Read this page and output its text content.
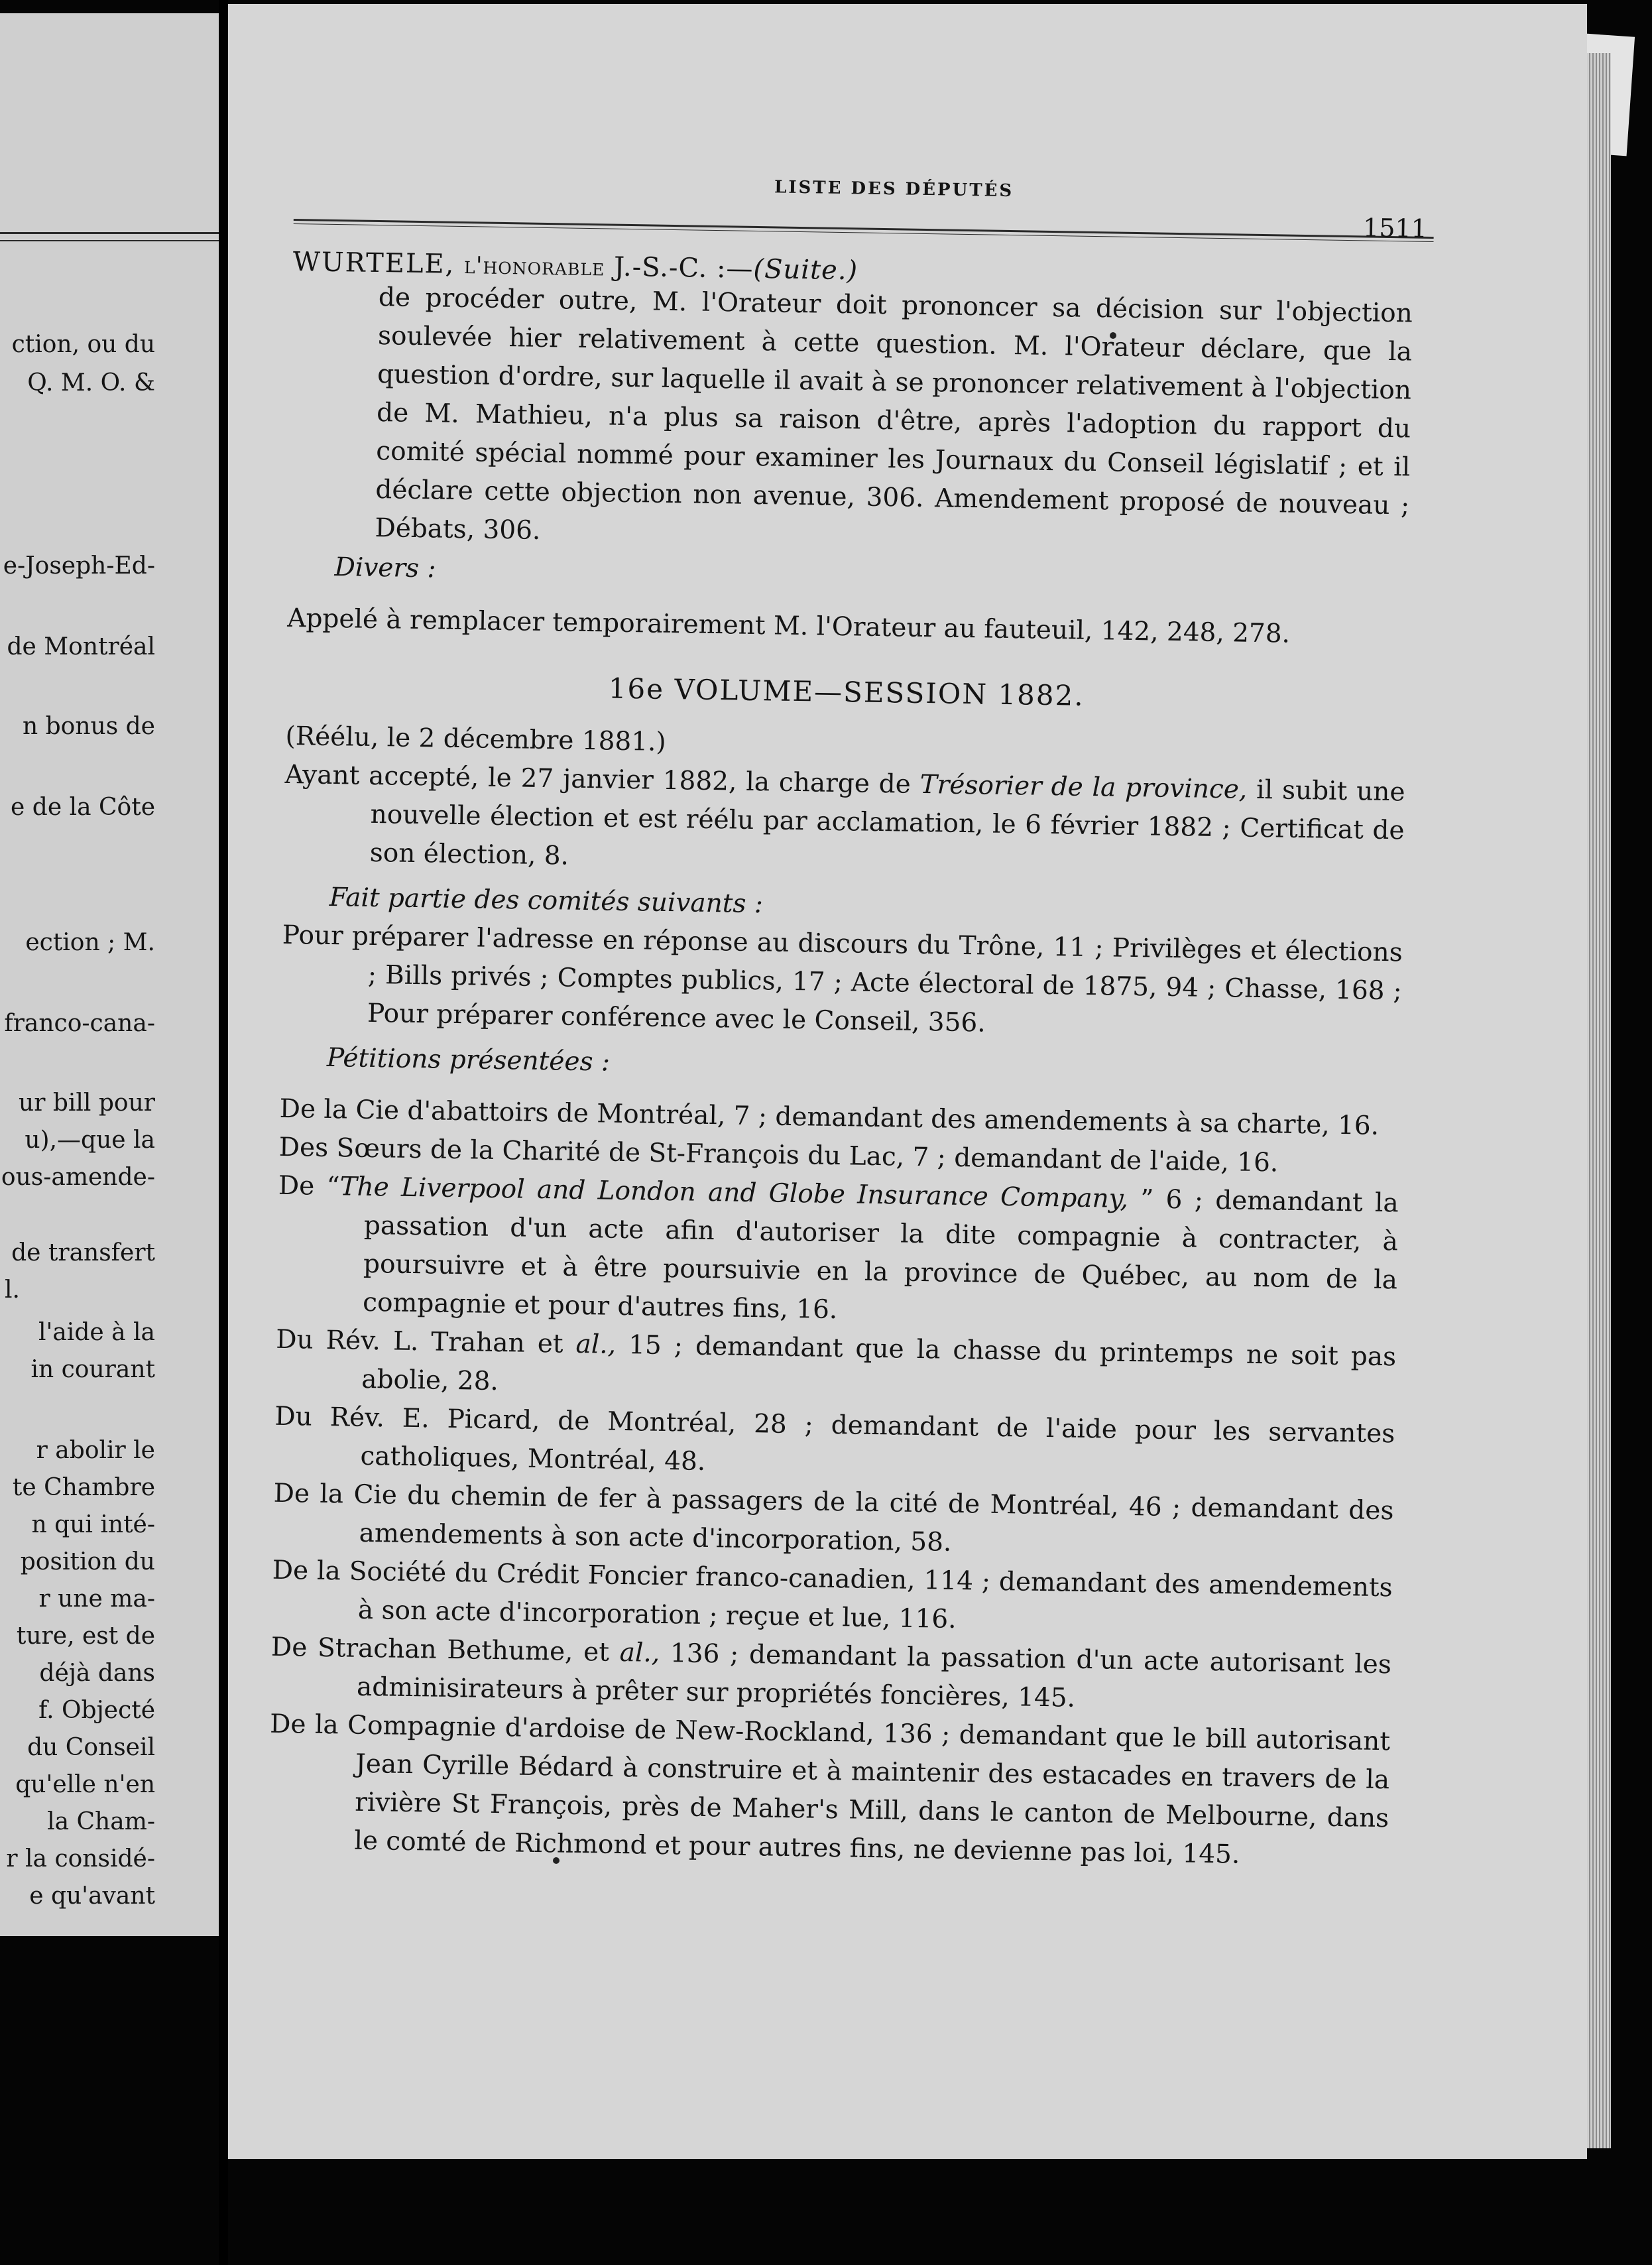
ction, ou du
Q. M. O. &
e-Joseph-Ed-
de Montréal
n bonus de
e de la Côte
ection ; M.
franco-cana-
ur bill pour
u),—que la
ous-amende-
de transfert
l.
l'aide à la
in courant
r abolir le
te Chambre
n qui inté-
position du
r une ma-
ture, est de
déjà dans
f. Objecté
du Conseil
qu'elle n'en
la Cham-
r la considé-
e qu'avant
LISTE DES DÉPUTÉS
1511
WURTELE, l'honorable J.-S.-C. :—(Suite.)

de procéder outre, M. l'Orateur doit prononcer sa décision sur l'objection soulevée hier relativement à cette question. M. l'Orateur déclare, que la question d'ordre, sur laquelle il avait à se prononcer relativement à l'objection de M. Mathieu, n'a plus sa raison d'être, après l'adoption du rapport du comité spécial nommé pour examiner les Journaux du Conseil législatif ; et il déclare cette objection non avenue, 306. Amendement proposé de nouveau ; Débats, 306.

Divers :

Appelé à remplacer temporairement M. l'Orateur au fauteuil, 142, 248, 278.

16e VOLUME—SESSION 1882.

(Réélu, le 2 décembre 1881.)

Ayant accepté, le 27 janvier 1882, la charge de Trésorier de la province, il subit une nouvelle élection et est réélu par acclamation, le 6 février 1882 ; Certificat de son élection, 8.

Fait partie des comités suivants :

Pour préparer l'adresse en réponse au discours du Trône, 11 ; Privilèges et élections ; Bills privés ; Comptes publics, 17 ; Acte électoral de 1875, 94 ; Chasse, 168 ; Pour préparer conférence avec le Conseil, 356.

Pétitions présentées :

De la Cie d'abattoirs de Montréal, 7 ; demandant des amendements à sa charte, 16.

Des Sœurs de la Charité de St-François du Lac, 7 ; demandant de l'aide, 16.

De “The Liverpool and London and Globe Insurance Company, ” 6 ; demandant la passation d'un acte afin d'autoriser la dite compagnie à contracter, à poursuivre et à être poursuivie en la province de Québec, au nom de la compagnie et pour d'autres fins, 16.

Du Rév. L. Trahan et al., 15 ; demandant que la chasse du printemps ne soit pas abolie, 28.

Du Rév. E. Picard, de Montréal, 28 ; demandant de l'aide pour les servantes catholiques, Montréal, 48.

De la Cie du chemin de fer à passagers de la cité de Montréal, 46 ; demandant des amendements à son acte d'incorporation, 58.

De la Société du Crédit Foncier franco-canadien, 114 ; demandant des amendements à son acte d'incorporation ; reçue et lue, 116.

De Strachan Bethume, et al., 136 ; demandant la passation d'un acte autorisant les adminisirateurs à prêter sur propriétés foncières, 145.

De la Compagnie d'ardoise de New-Rockland, 136 ; demandant que le bill autorisant Jean Cyrille Bédard à construire et à maintenir des estacades en travers de la rivière St François, près de Maher's Mill, dans le canton de Melbourne, dans le comté de Richmond et pour autres fins, ne devienne pas loi, 145.
